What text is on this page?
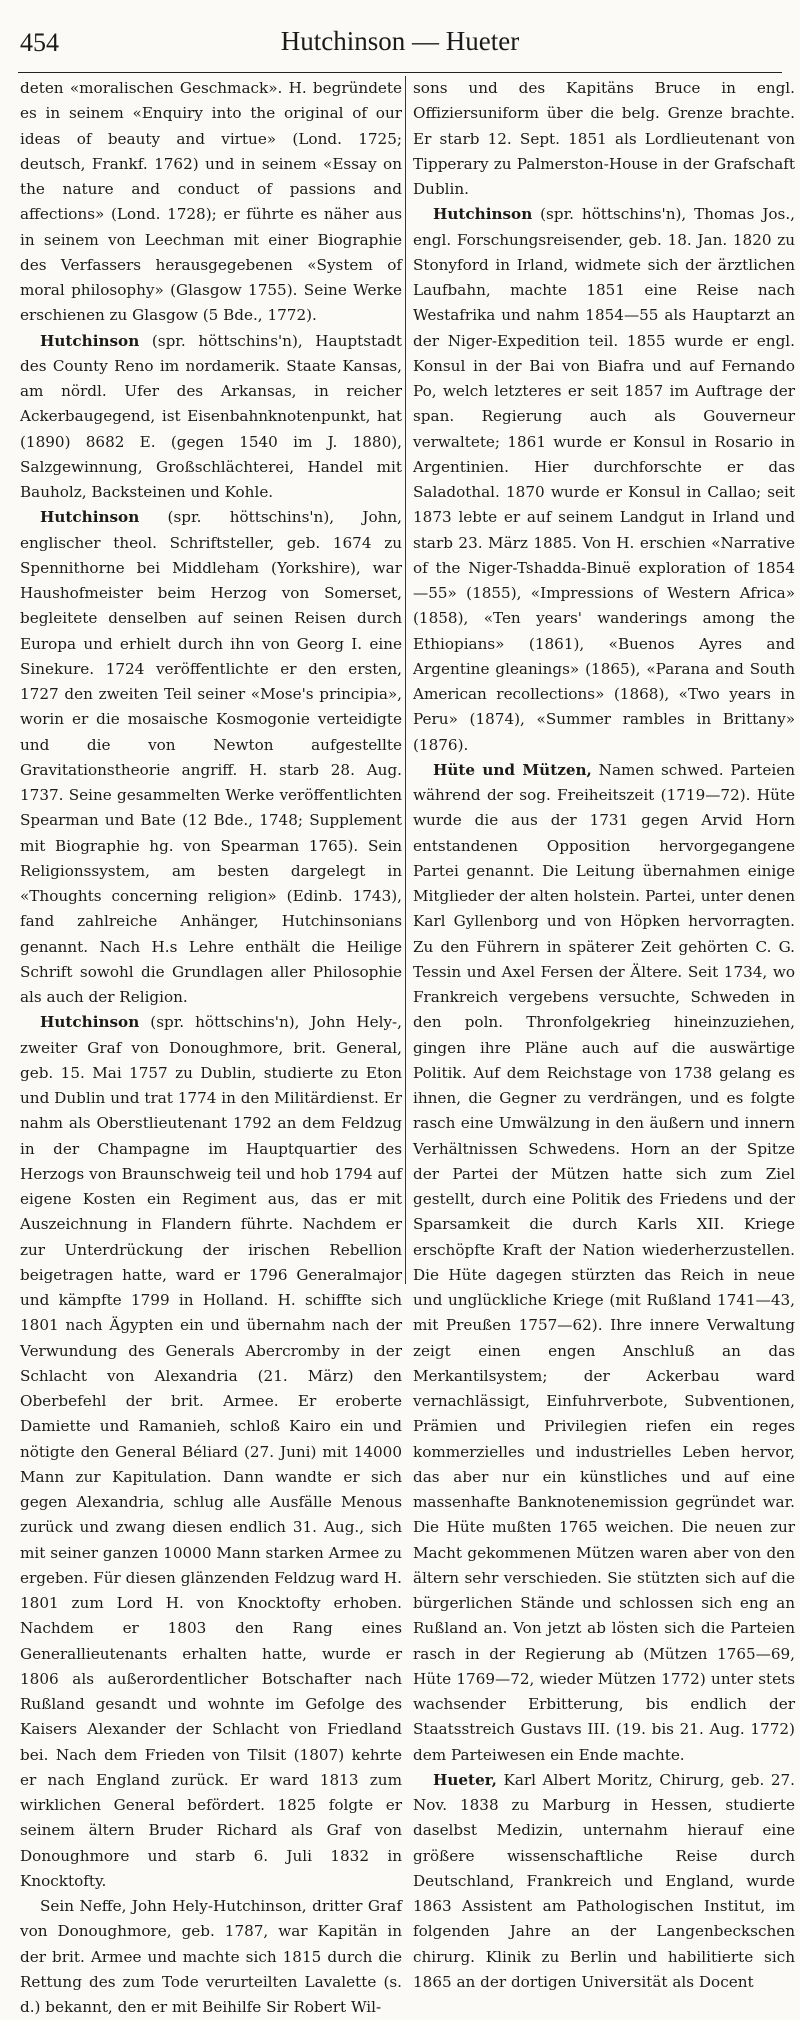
454	Hutchinson — Hueter

deten «moralischen Geschmack». H. begründete es in seinem «Enquiry into the original of our ideas of beauty and virtue» (Lond. 1725; deutsch, Frankf. 1762) und in seinem «Essay on the nature and conduct of passions and affections» (Lond. 1728); er führte es näher aus in seinem von Leechman mit einer Biographie des Verfassers herausgegebenen «System of moral philosophy» (Glasgow 1755). Seine Werke erschienen zu Glasgow (5 Bde., 1772).

Hutchinson (spr. höttschins'n), Hauptstadt des County Reno im nordamerik. Staate Kansas, am nördl. Ufer des Arkansas, in reicher Ackerbaugegend, ist Eisenbahnknotenpunkt, hat (1890) 8682 E. (gegen 1540 im J. 1880), Salzgewinnung, Großschlächterei, Handel mit Bauholz, Backsteinen und Kohle.

Hutchinson (spr. höttschins'n), John, englischer theol. Schriftsteller, geb. 1674 zu Spennithorne bei Middleham (Yorkshire), war Haushofmeister beim Herzog von Somerset, begleitete denselben auf seinen Reisen durch Europa und erhielt durch ihn von Georg I. eine Sinekure. 1724 veröffentlichte er den ersten, 1727 den zweiten Teil seiner «Mose's principia», worin er die mosaische Kosmogonie verteidigte und die von Newton aufgestellte Gravitationstheorie angriff. H. starb 28. Aug. 1737. Seine gesammelten Werke veröffentlichten Spearman und Bate (12 Bde., 1748; Supplement mit Biographie hg. von Spearman 1765). Sein Religionssystem, am besten dargelegt in «Thoughts concerning religion» (Edinb. 1743), fand zahlreiche Anhänger, Hutchinsonians genannt. Nach H.s Lehre enthält die Heilige Schrift sowohl die Grundlagen aller Philosophie als auch der Religion.

Hutchinson (spr. höttschins'n), John Hely-, zweiter Graf von Donoughmore, brit. General, geb. 15. Mai 1757 zu Dublin, studierte zu Eton und Dublin und trat 1774 in den Militärdienst. Er nahm als Oberstlieutenant 1792 an dem Feldzug in der Champagne im Hauptquartier des Herzogs von Braunschweig teil und hob 1794 auf eigene Kosten ein Regiment aus, das er mit Auszeichnung in Flandern führte. Nachdem er zur Unterdrückung der irischen Rebellion beigetragen hatte, ward er 1796 Generalmajor und kämpfte 1799 in Holland. H. schiffte sich 1801 nach Ägypten ein und übernahm nach der Verwundung des Generals Abercromby in der Schlacht von Alexandria (21. März) den Oberbefehl der brit. Armee. Er eroberte Damiette und Ramanieh, schloß Kairo ein und nötigte den General Béliard (27. Juni) mit 14000 Mann zur Kapitulation. Dann wandte er sich gegen Alexandria, schlug alle Ausfälle Menous zurück und zwang diesen endlich 31. Aug., sich mit seiner ganzen 10000 Mann starken Armee zu ergeben. Für diesen glänzenden Feldzug ward H. 1801 zum Lord H. von Knocktofty erhoben. Nachdem er 1803 den Rang eines Generallieutenants erhalten hatte, wurde er 1806 als außerordentlicher Botschafter nach Rußland gesandt und wohnte im Gefolge des Kaisers Alexander der Schlacht von Friedland bei. Nach dem Frieden von Tilsit (1807) kehrte er nach England zurück. Er ward 1813 zum wirklichen General befördert. 1825 folgte er seinem ältern Bruder Richard als Graf von Donoughmore und starb 6. Juli 1832 in Knocktofty.

Sein Neffe, John Hely-Hutchinson, dritter Graf von Donoughmore, geb. 1787, war Kapitän in der brit. Armee und machte sich 1815 durch die Rettung des zum Tode verurteilten Lavalette (s. d.) bekannt, den er mit Beihilfe Sir Robert Wil-

sons und des Kapitäns Bruce in engl. Offiziersuniform über die belg. Grenze brachte. Er starb 12. Sept. 1851 als Lordlieutenant von Tipperary zu Palmerston-House in der Grafschaft Dublin.

Hutchinson (spr. höttschins'n), Thomas Jos., engl. Forschungsreisender, geb. 18. Jan. 1820 zu Stonyford in Irland, widmete sich der ärztlichen Laufbahn, machte 1851 eine Reise nach Westafrika und nahm 1854—55 als Hauptarzt an der Niger-Expedition teil. 1855 wurde er engl. Konsul in der Bai von Biafra und auf Fernando Po, welch letzteres er seit 1857 im Auftrage der span. Regierung auch als Gouverneur verwaltete; 1861 wurde er Konsul in Rosario in Argentinien. Hier durchforschte er das Saladothal. 1870 wurde er Konsul in Callao; seit 1873 lebte er auf seinem Landgut in Irland und starb 23. März 1885. Von H. erschien «Narrative of the Niger-Tshadda-Binuë exploration of 1854—55» (1855), «Impressions of Western Africa» (1858), «Ten years' wanderings among the Ethiopians» (1861), «Buenos Ayres and Argentine gleanings» (1865), «Parana and South American recollections» (1868), «Two years in Peru» (1874), «Summer rambles in Brittany» (1876).

Hüte und Mützen, Namen schwed. Parteien während der sog. Freiheitszeit (1719—72). Hüte wurde die aus der 1731 gegen Arvid Horn entstandenen Opposition hervorgegangene Partei genannt. Die Leitung übernahmen einige Mitglieder der alten holstein. Partei, unter denen Karl Gyllenborg und von Höpken hervorragten. Zu den Führern in späterer Zeit gehörten C. G. Tessin und Axel Fersen der Ältere. Seit 1734, wo Frankreich vergebens versuchte, Schweden in den poln. Thronfolgekrieg hineinzuziehen, gingen ihre Pläne auch auf die auswärtige Politik. Auf dem Reichstage von 1738 gelang es ihnen, die Gegner zu verdrängen, und es folgte rasch eine Umwälzung in den äußern und innern Verhältnissen Schwedens. Horn an der Spitze der Partei der Mützen hatte sich zum Ziel gestellt, durch eine Politik des Friedens und der Sparsamkeit die durch Karls XII. Kriege erschöpfte Kraft der Nation wiederherzustellen. Die Hüte dagegen stürzten das Reich in neue und unglückliche Kriege (mit Rußland 1741—43, mit Preußen 1757—62). Ihre innere Verwaltung zeigt einen engen Anschluß an das Merkantilsystem; der Ackerbau ward vernachlässigt, Einfuhrverbote, Subventionen, Prämien und Privilegien riefen ein reges kommerzielles und industrielles Leben hervor, das aber nur ein künstliches und auf eine massenhafte Banknotenemission gegründet war. Die Hüte mußten 1765 weichen. Die neuen zur Macht gekommenen Mützen waren aber von den ältern sehr verschieden. Sie stützten sich auf die bürgerlichen Stände und schlossen sich eng an Rußland an. Von jetzt ab lösten sich die Parteien rasch in der Regierung ab (Mützen 1765—69, Hüte 1769—72, wieder Mützen 1772) unter stets wachsender Erbitterung, bis endlich der Staatsstreich Gustavs III. (19. bis 21. Aug. 1772) dem Parteiwesen ein Ende machte.

Hueter, Karl Albert Moritz, Chirurg, geb. 27. Nov. 1838 zu Marburg in Hessen, studierte daselbst Medizin, unternahm hierauf eine größere wissenschaftliche Reise durch Deutschland, Frankreich und England, wurde 1863 Assistent am Pathologischen Institut, im folgenden Jahre an der Langenbeckschen chirurg. Klinik zu Berlin und habilitierte sich 1865 an der dortigen Universität als Docent
